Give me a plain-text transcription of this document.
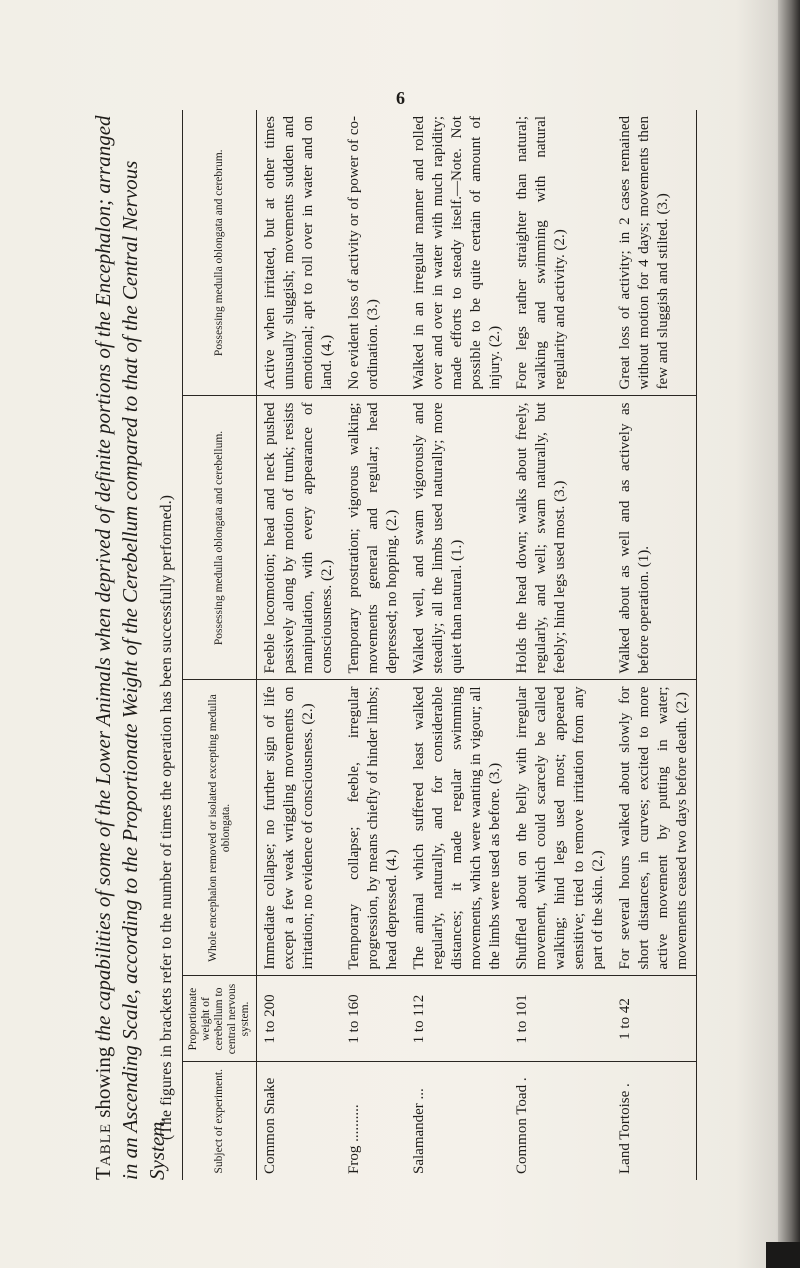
6
Table showing the capabilities of some of the Lower Animals when deprived of definite portions of the Encephalon; arranged in an Ascending Scale, according to the Proportionate Weight of the Cerebellum compared to that of the Central Nervous System.
(The figures in brackets refer to the number of times the operation has been successfully performed.)	Subject of experiment.	Proportionate weight of cerebellum to central nervous system.	Whole encephalon removed or isolated excepting medulla oblongata.	Possessing medulla oblongata and cerebellum.	Possessing medulla oblongata and cerebrum.
Common Snake	1 to 200	Immediate collapse; no further sign of life except a few weak wriggling movements on irritation; no evidence of consciousness. (2.)	Feeble locomotion; head and neck pushed passively along by motion of trunk; resists manipulation, with every appearance of consciousness. (2.)	Active when irritated, but at other times unusually sluggish; movements sudden and emotional; apt to roll over in water and on land. (4.)
Frog ..........	1 to 160	Temporary collapse; feeble, irregular progression, by means chiefly of hinder limbs; head depressed. (4.)	Temporary prostration; vigorous walking; movements general and regular; head depressed; no hopping. (2.)	No evident loss of activity or of power of co-ordination. (3.)
Salamander ...	1 to 112	The animal which suffered least walked regularly, naturally, and for considerable distances; it made regular swimming movements, which were wanting in vigour; all the limbs were used as before. (3.)	Walked well, and swam vigorously and steadily; all the limbs used naturally; more quiet than natural. (1.)	Walked in an irregular manner and rolled over and over in water with much rapidity; made efforts to steady itself.—Note. Not possible to be quite certain of amount of injury. (2.)
Common Toad .	1 to 101	Shuffled about on the belly with irregular movement, which could scarcely be called walking; hind legs used most; appeared sensitive; tried to remove irritation from any part of the skin. (2.)	Holds the head down; walks about freely, regularly, and well; swam naturally, but feebly; hind legs used most. (3.)	Fore legs rather straighter than natural; walking and swimming with natural regularity and activity. (2.)
Land Tortoise .	1 to 42	For several hours walked about slowly for short distances, in curves; excited to more active movement by putting in water; movements ceased two days before death. (2.)	Walked about as well and as actively as before operation. (1).	Great loss of activity; in 2 cases remained without motion for 4 days; movements then few and sluggish and stilted. (3.)
